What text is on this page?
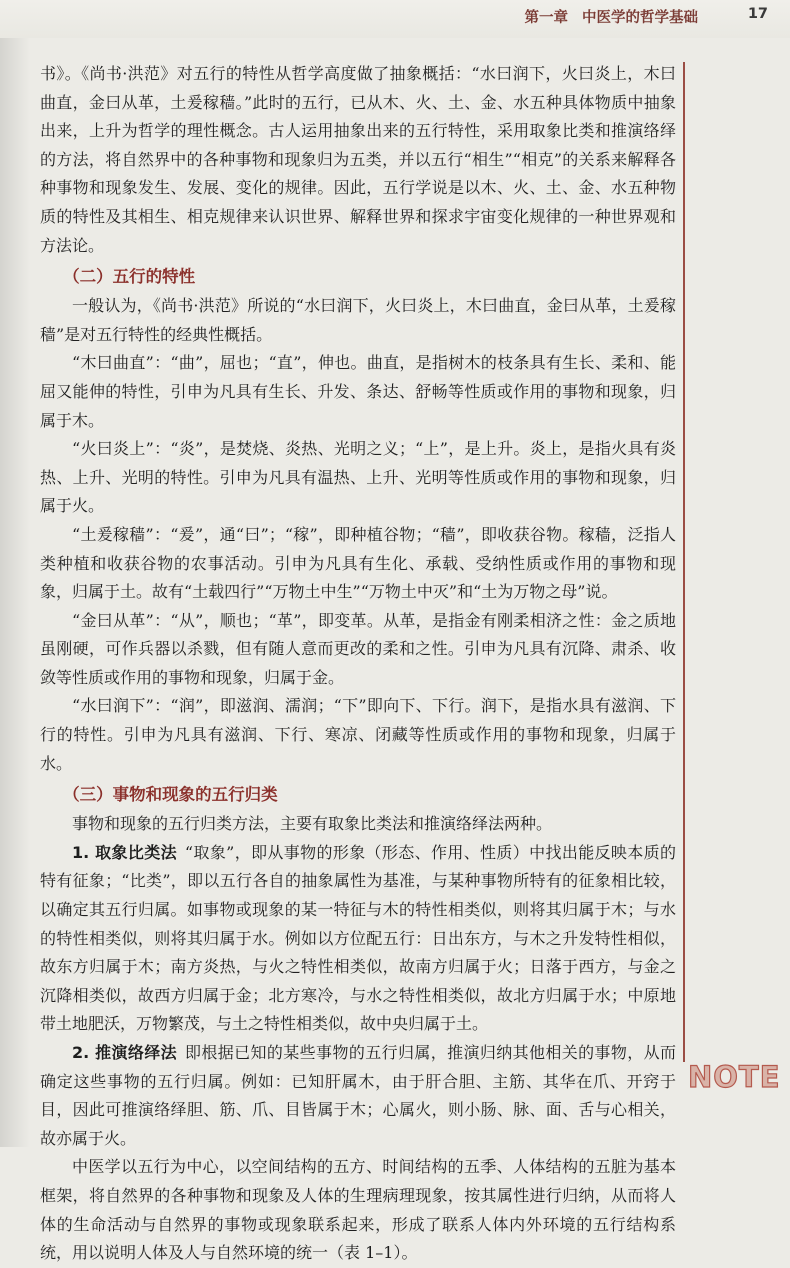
第一章 中医学的哲学基础	17

书》。《尚书·洪范》对五行的特性从哲学高度做了抽象概括：“水曰润下，火曰炎上，木曰曲直，金曰从革，土爰稼穑。”此时的五行，已从木、火、土、金、水五种具体物质中抽象出来，上升为哲学的理性概念。古人运用抽象出来的五行特性，采用取象比类和推演络绎的方法，将自然界中的各种事物和现象归为五类，并以五行“相生”“相克”的关系来解释各种事物和现象发生、发展、变化的规律。因此，五行学说是以木、火、土、金、水五种物质的特性及其相生、相克规律来认识世界、解释世界和探求宇宙变化规律的一种世界观和方法论。

（二）五行的特性

一般认为，《尚书·洪范》所说的“水曰润下，火曰炎上，木曰曲直，金曰从革，土爰稼穑”是对五行特性的经典性概括。

“木曰曲直”：“曲”，屈也；“直”，伸也。曲直，是指树木的枝条具有生长、柔和、能屈又能伸的特性，引申为凡具有生长、升发、条达、舒畅等性质或作用的事物和现象，归属于木。

“火曰炎上”：“炎”，是焚烧、炎热、光明之义；“上”，是上升。炎上，是指火具有炎热、上升、光明的特性。引申为凡具有温热、上升、光明等性质或作用的事物和现象，归属于火。

“土爰稼穑”：“爰”，通“曰”；“稼”，即种植谷物；“穑”，即收获谷物。稼穑，泛指人类种植和收获谷物的农事活动。引申为凡具有生化、承载、受纳性质或作用的事物和现象，归属于土。故有“土载四行”“万物土中生”“万物土中灭”和“土为万物之母”说。

“金曰从革”：“从”，顺也；“革”，即变革。从革，是指金有刚柔相济之性：金之质地虽刚硬，可作兵器以杀戮，但有随人意而更改的柔和之性。引申为凡具有沉降、肃杀、收敛等性质或作用的事物和现象，归属于金。

“水曰润下”：“润”，即滋润、濡润；“下”即向下、下行。润下，是指水具有滋润、下行的特性。引申为凡具有滋润、下行、寒凉、闭藏等性质或作用的事物和现象，归属于水。

（三）事物和现象的五行归类

事物和现象的五行归类方法，主要有取象比类法和推演络绎法两种。

1. 取象比类法 “取象”，即从事物的形象（形态、作用、性质）中找出能反映本质的特有征象；“比类”，即以五行各自的抽象属性为基准，与某种事物所特有的征象相比较，以确定其五行归属。如事物或现象的某一特征与木的特性相类似，则将其归属于木；与水的特性相类似，则将其归属于水。例如以方位配五行：日出东方，与木之升发特性相似，故东方归属于木；南方炎热，与火之特性相类似，故南方归属于火；日落于西方，与金之沉降相类似，故西方归属于金；北方寒冷，与水之特性相类似，故北方归属于水；中原地带土地肥沃，万物繁茂，与土之特性相类似，故中央归属于土。

2. 推演络绎法 即根据已知的某些事物的五行归属，推演归纳其他相关的事物，从而确定这些事物的五行归属。例如：已知肝属木，由于肝合胆、主筋、其华在爪、开窍于目，因此可推演络绎胆、筋、爪、目皆属于木；心属火，则小肠、脉、面、舌与心相关，故亦属于火。

中医学以五行为中心，以空间结构的五方、时间结构的五季、人体结构的五脏为基本框架，将自然界的各种事物和现象及人体的生理病理现象，按其属性进行归纳，从而将人体的生命活动与自然界的事物或现象联系起来，形成了联系人体内外环境的五行结构系统，用以说明人体及人与自然环境的统一（表 1–1）。

NOTE
